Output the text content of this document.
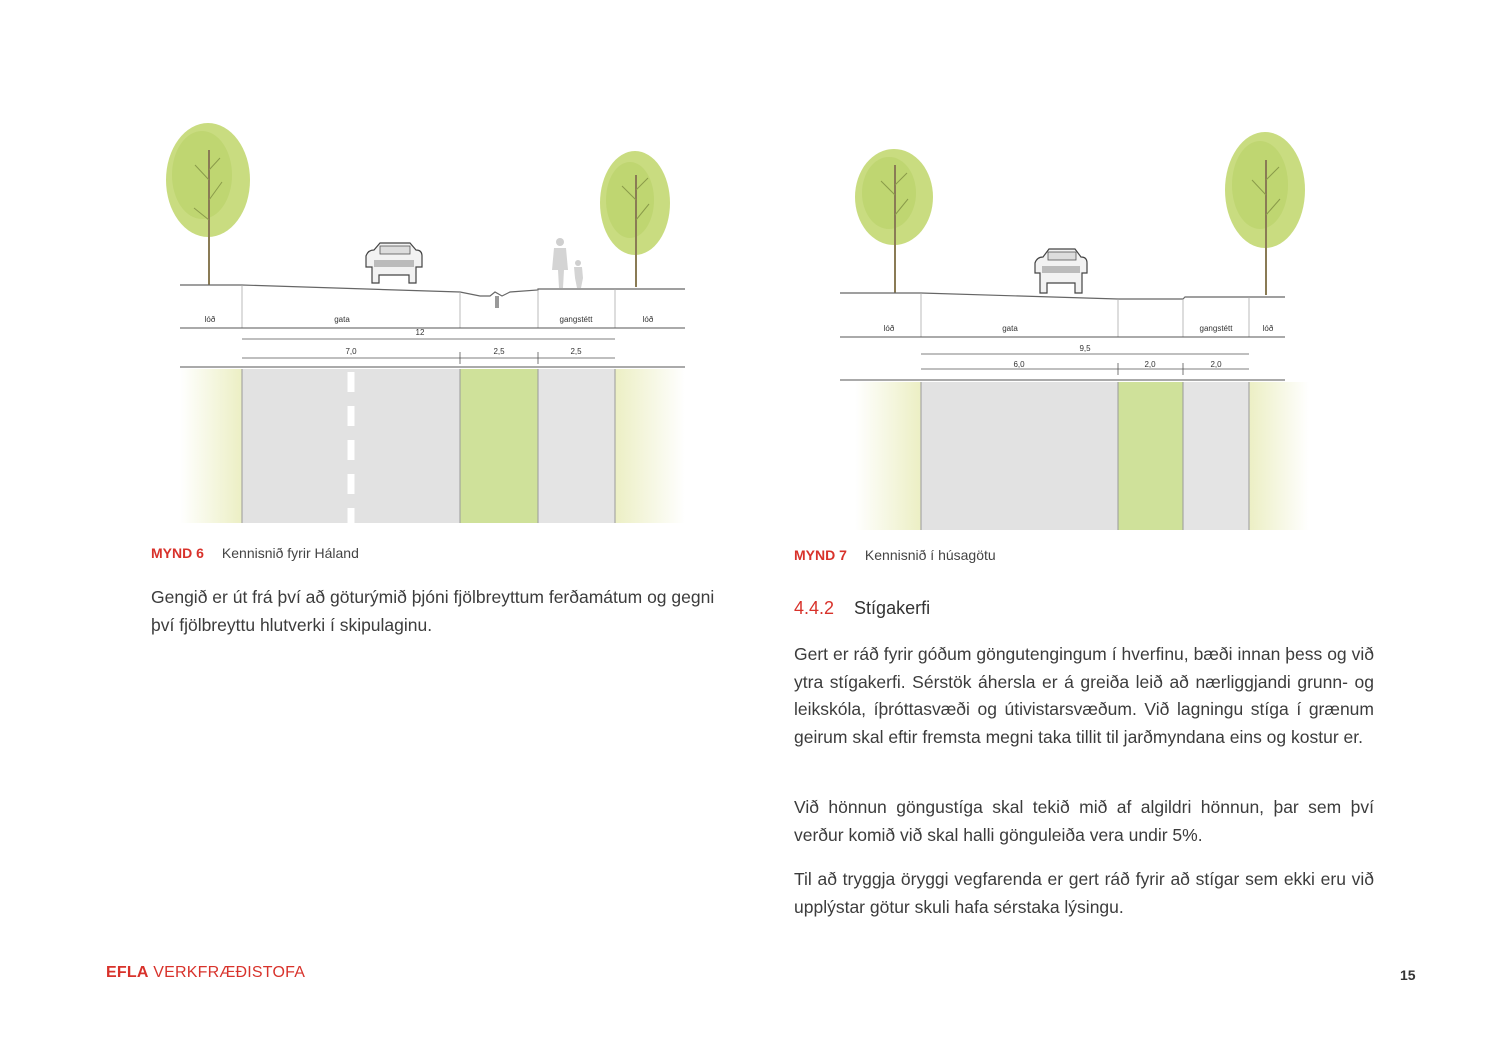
lóð	gata	gangstétt	lóð
12
7,0	2,5	2,5
MYND 6 Kennisnið fyrir Háland
Gengið er út frá því að göturýmið þjóni fjölbreyttum ferðamátum og gegni því fjölbreyttu hlutverki í skipulaginu.
lóð	gata	gangstétt	lóð
9,5
6,0	2,0	2,0
MYND 7 Kennisnið í húsagötu
4.4.2 Stígakerfi
Gert er ráð fyrir góðum göngutengingum í hverfinu, bæði innan þess og við ytra stígakerfi. Sérstök áhersla er á greiða leið að nærliggjandi grunn- og leikskóla, íþróttasvæði og útivistarsvæðum. Við lagningu stíga í grænum geirum skal eftir fremsta megni taka tillit til jarðmyndana eins og kostur er.
Við hönnun göngustíga skal tekið mið af algildri hönnun, þar sem því verður komið við skal halli gönguleiða vera undir 5%.
Til að tryggja öryggi vegfarenda er gert ráð fyrir að stígar sem ekki eru við upplýstar götur skuli hafa sérstaka lýsingu.
EFLA VERKFRÆÐISTOFA	15
